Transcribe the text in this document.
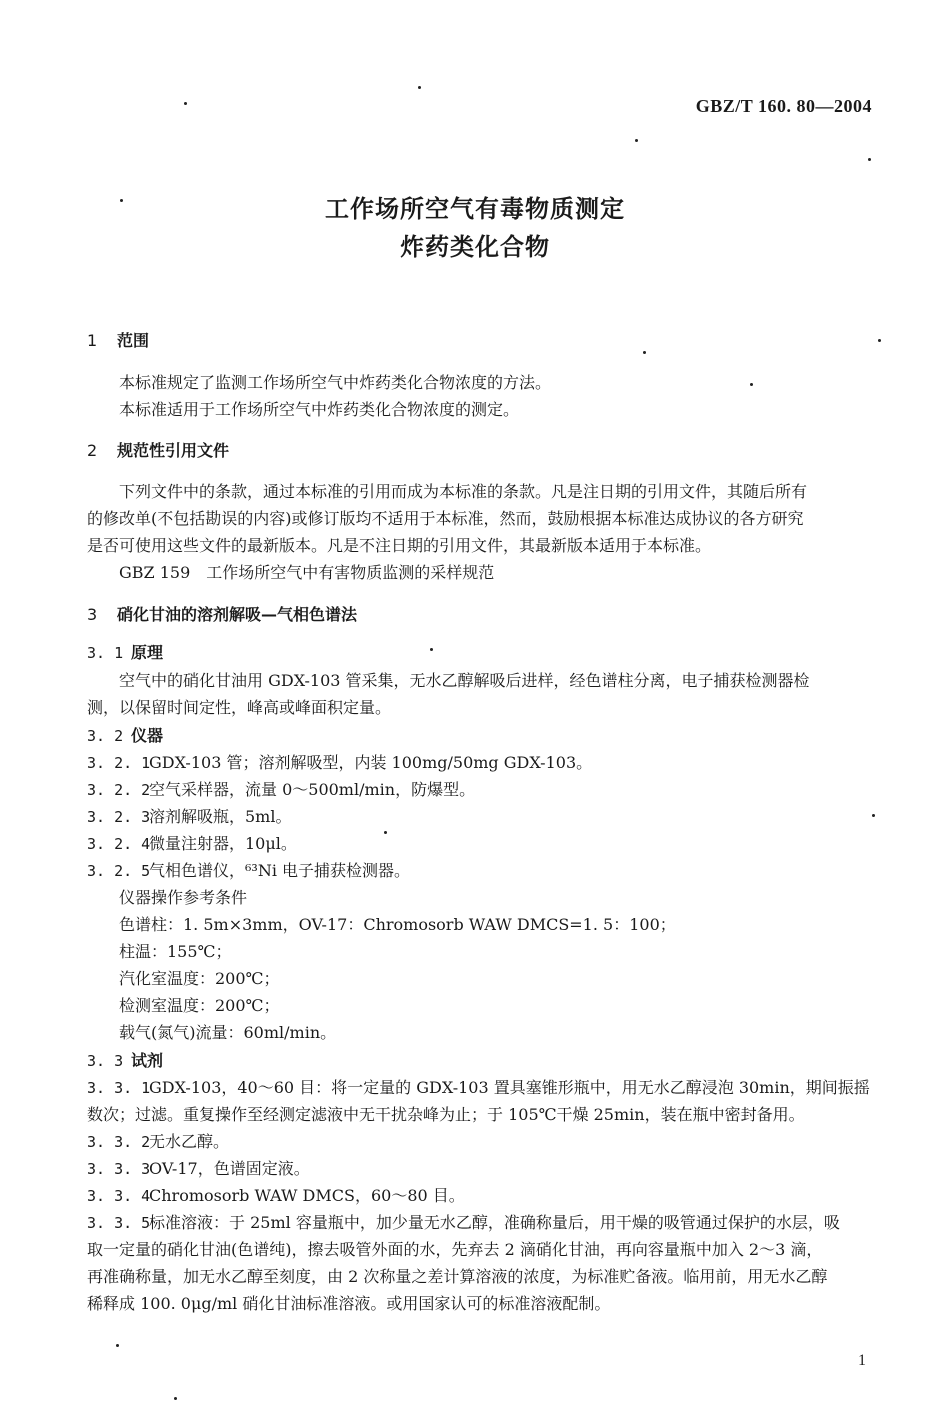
GBZ/T 160. 80—2004
工作场所空气有毒物质测定
炸药类化合物
1 范围
本标准规定了监测工作场所空气中炸药类化合物浓度的方法。
本标准适用于工作场所空气中炸药类化合物浓度的测定。
2 规范性引用文件
下列文件中的条款，通过本标准的引用而成为本标准的条款。凡是注日期的引用文件，其随后所有
的修改单(不包括勘误的内容)或修订版均不适用于本标准，然而，鼓励根据本标准达成协议的各方研究
是否可使用这些文件的最新版本。凡是不注日期的引用文件，其最新版本适用于本标准。
GBZ 159　工作场所空气中有害物质监测的采样规范
3 硝化甘油的溶剂解吸—气相色谱法
3. 1 原理
空气中的硝化甘油用 GDX-103 管采集，无水乙醇解吸后进样，经色谱柱分离，电子捕获检测器检
测，以保留时间定性，峰高或峰面积定量。
3. 2 仪器
3. 2. 1GDX-103 管；溶剂解吸型，内装 100mg/50mg GDX-103。
3. 2. 2空气采样器，流量 0～500ml/min，防爆型。
3. 2. 3溶剂解吸瓶，5ml。
3. 2. 4微量注射器，10μl。
3. 2. 5气相色谱仪，⁶³Ni 电子捕获检测器。
仪器操作参考条件
色谱柱：1. 5m×3mm，OV-17：Chromosorb WAW DMCS=1. 5：100；
柱温：155℃；
汽化室温度：200℃；
检测室温度：200℃；
载气(氮气)流量：60ml/min。
3. 3 试剂
3. 3. 1GDX-103，40～60 目：将一定量的 GDX-103 置具塞锥形瓶中，用无水乙醇浸泡 30min，期间振摇
数次；过滤。重复操作至经测定滤液中无干扰杂峰为止；于 105℃干燥 25min，装在瓶中密封备用。
3. 3. 2无水乙醇。
3. 3. 3OV-17，色谱固定液。
3. 3. 4Chromosorb WAW DMCS，60～80 目。
3. 3. 5标准溶液：于 25ml 容量瓶中，加少量无水乙醇，准确称量后，用干燥的吸管通过保护的水层，吸
取一定量的硝化甘油(色谱纯)，擦去吸管外面的水，先弃去 2 滴硝化甘油，再向容量瓶中加入 2～3 滴，
再准确称量，加无水乙醇至刻度，由 2 次称量之差计算溶液的浓度，为标准贮备液。临用前，用无水乙醇
稀释成 100. 0μg/ml 硝化甘油标准溶液。或用国家认可的标准溶液配制。
1
